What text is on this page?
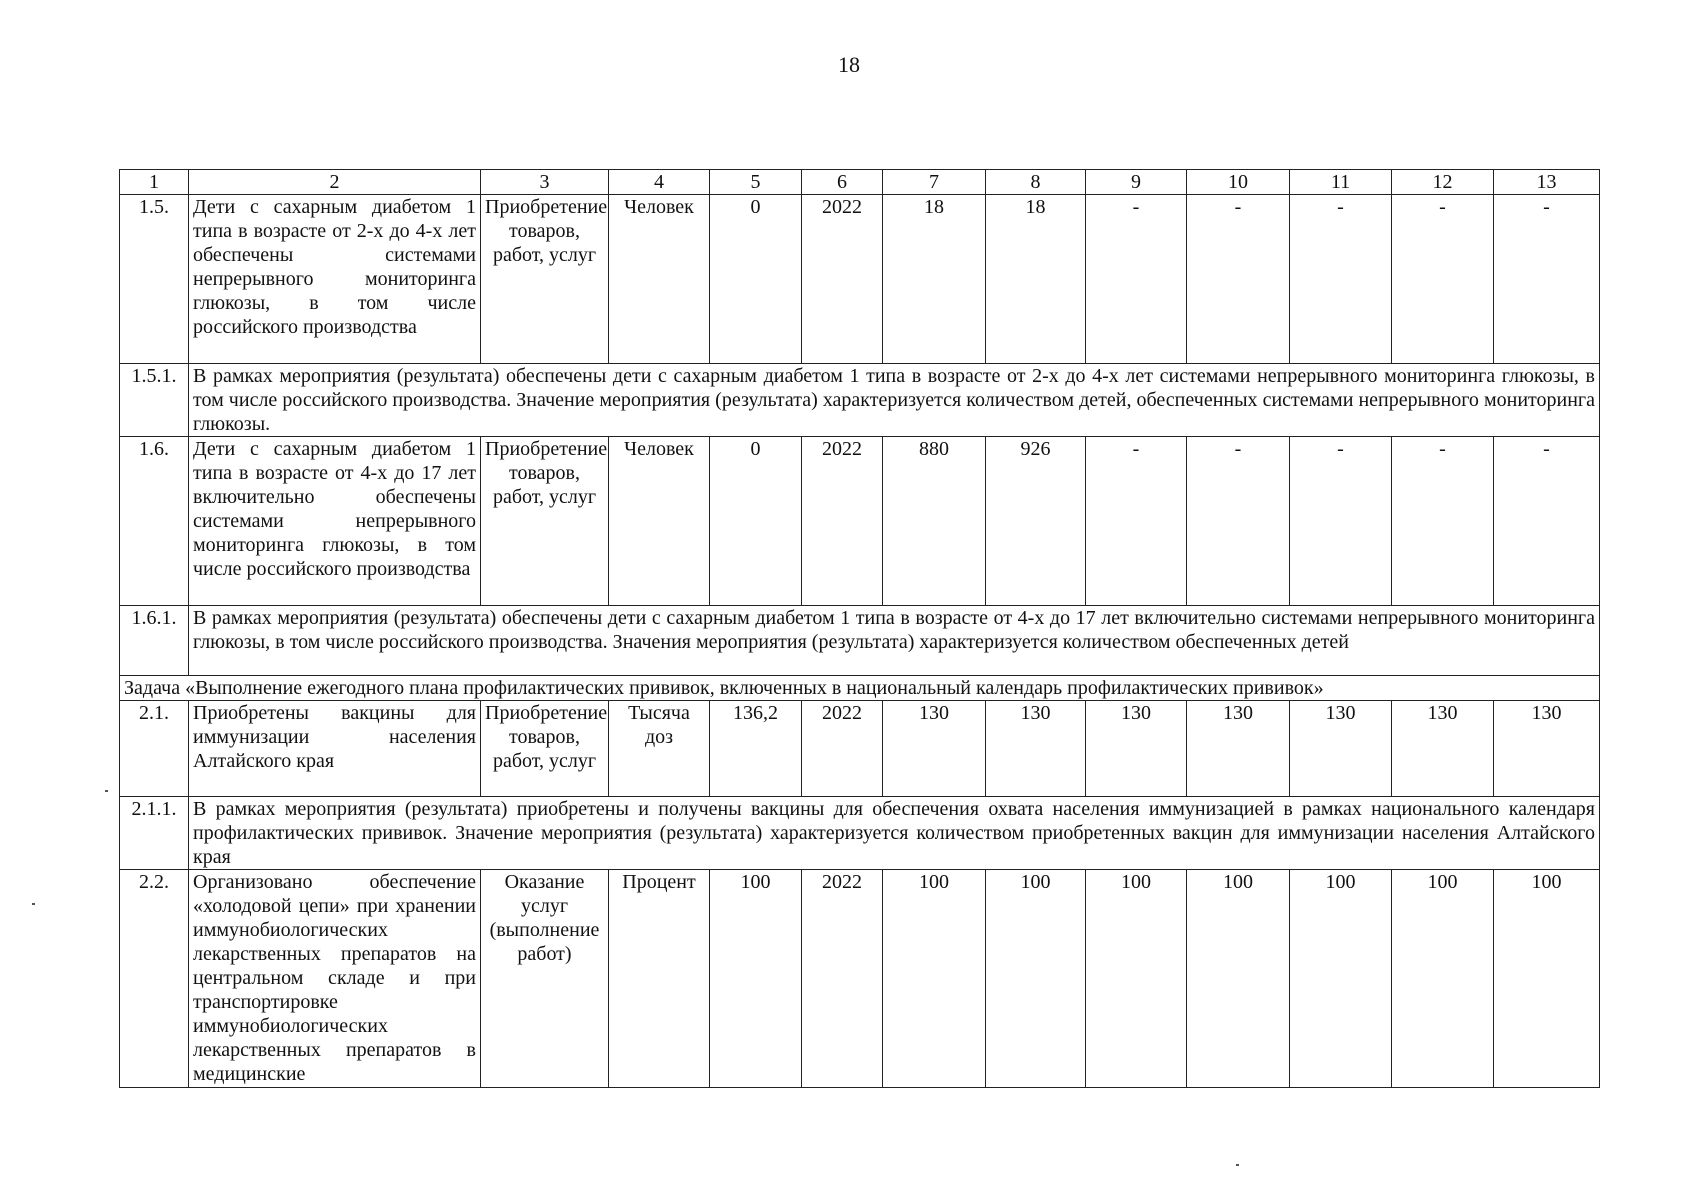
18
1	2	3	4	5	6	7	8	9	10	11	12	13
1.5.	Дети с сахарным диабетом 1 типа в возрасте от 2-х до 4-х лет обеспечены системами непрерывного мониторинга глюкозы, в том числе российского производства	Приобретение товаров, работ, услуг	Человек	0	2022	18	18	-	-	-	-	-
1.5.1.	В рамках мероприятия (результата) обеспечены дети с сахарным диабетом 1 типа в возрасте от 2-х до 4-х лет системами непрерывного мониторинга глюкозы, в том числе российского производства. Значение мероприятия (результата) характеризуется количеством детей, обеспеченных системами непрерывного мониторинга глюкозы.											
1.6.	Дети с сахарным диабетом 1 типа в возрасте от 4-х до 17 лет включительно обеспечены системами непрерывного мониторинга глюкозы, в том числе российского производства	Приобретение товаров, работ, услуг	Человек	0	2022	880	926	-	-	-	-	-
1.6.1.	В рамках мероприятия (результата) обеспечены дети с сахарным диабетом 1 типа в возрасте от 4-х до 17 лет включительно системами непрерывного мониторинга глюкозы, в том числе российского производства. Значения мероприятия (результата) характеризуется количеством обеспеченных детей											
Задача «Выполнение ежегодного плана профилактических прививок, включенных в национальный календарь профилактических прививок»												
2.1.	Приобретены вакцины для иммунизации населения Алтайского края	Приобретение товаров, работ, услуг	Тысяча доз	136,2	2022	130	130	130	130	130	130	130
2.1.1.	В рамках мероприятия (результата) приобретены и получены вакцины для обеспечения охвата населения иммунизацией в рамках национального календаря профилактических прививок. Значение мероприятия (результата) характеризуется количеством приобретенных вакцин для иммунизации населения Алтайского края											
2.2.	Организовано обеспечение «холодовой цепи» при хранении иммунобиологических лекарственных препаратов на центральном складе и при транспортировке иммунобиологических лекарственных препаратов в медицинские	Оказание услуг (выполнение работ)	Процент	100	2022	100	100	100	100	100	100	100
